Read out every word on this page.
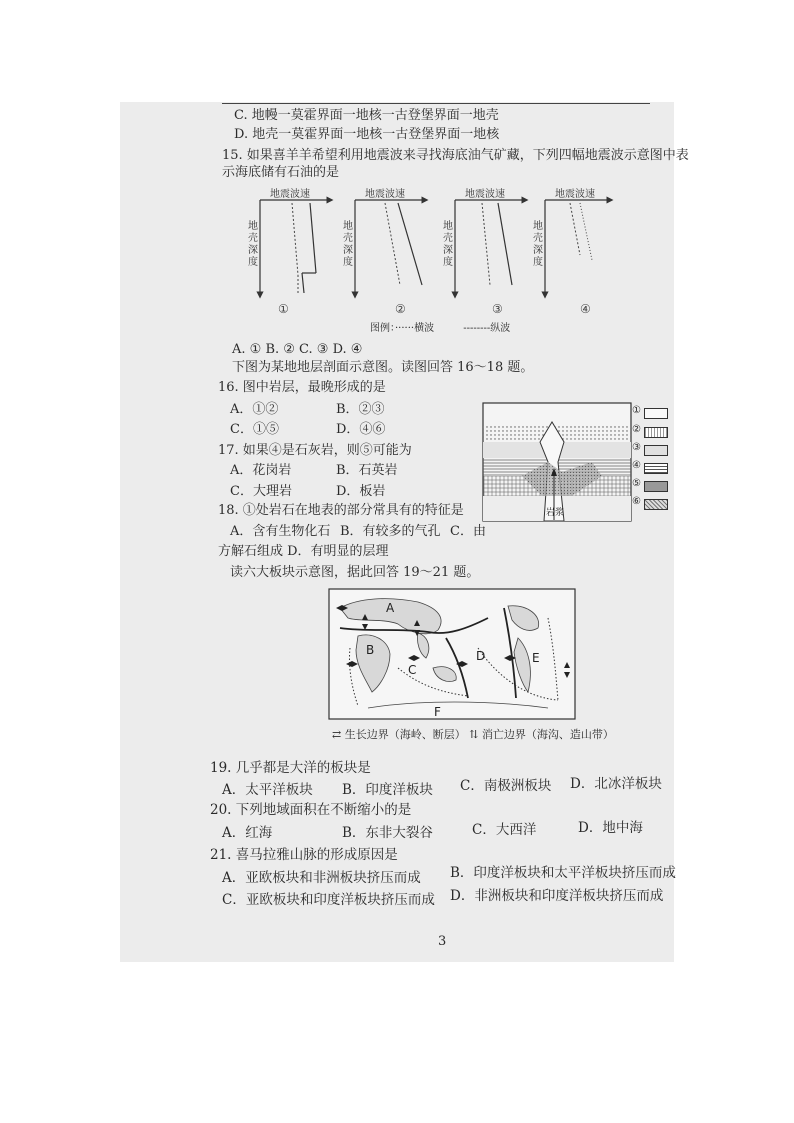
C. 地幔一莫霍界面一地核一古登堡界面一地壳
D. 地壳一莫霍界面一地核一古登堡界面一地核
15. 如果喜羊羊希望利用地震波来寻找海底油气矿藏，下列四幅地震波示意图中表
示海底储有石油的是
地震波速	地震波速	地震波速	地震波速
地
壳
深
度
地
壳
深
度
地
壳
深
度
地
壳
深
度
①	②	③	④
图例：······横波	--------纵波
A. ① B. ② C. ③ D. ④
下图为某地地层剖面示意图。读图回答 16～18 题。
16. 图中岩层，最晚形成的是
A．①②	B．②③
C．①⑤	D．④⑥
17. 如果④是石灰岩，则⑤可能为
A．花岗岩	B．石英岩
C．大理岩	D．板岩
18. ①处岩石在地表的部分常具有的特征是
A．含有生物化石 B．有较多的气孔 C．由
方解石组成 D．有明显的层理
岩浆
①
②
③
④
⑤
⑥
读六大板块示意图，据此回答 19～21 题。
A
B
C
D	E
F
⇄ 生长边界（海岭、断层） ⇅ 消亡边界（海沟、造山带）
19. 几乎都是大洋的板块是
A．太平洋板块 B．印度洋板块 C．南极洲板块 D．北冰洋板块
20. 下列地域面积在不断缩小的是
A．红海	B．东非大裂谷	C．大西洋	D．地中海
21. 喜马拉雅山脉的形成原因是
A．亚欧板块和非洲板块挤压而成 B．印度洋板块和太平洋板块挤压而成
C．亚欧板块和印度洋板块挤压而成 D．非洲板块和印度洋板块挤压而成
3
